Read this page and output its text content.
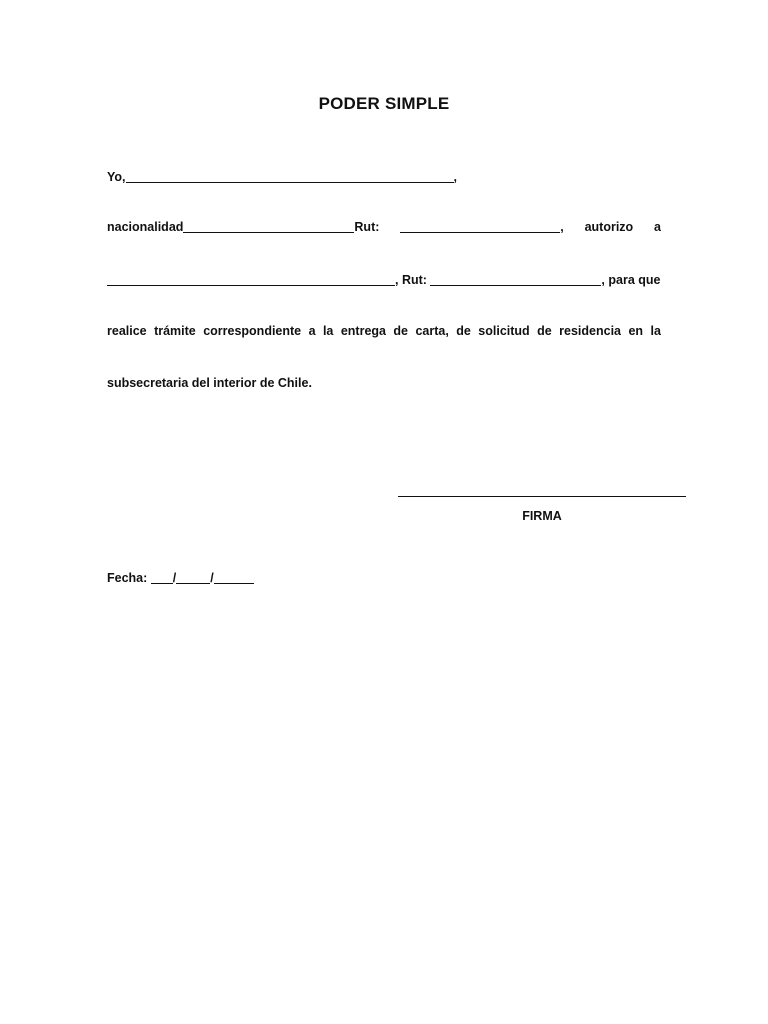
PODER SIMPLE
Yo,	,
nacionalidad	Rut:	, autorizo a
, Rut:	, para que
realice trámite correspondiente a la entrega de carta, de solicitud de residencia en la
subsecretaria del interior de Chile.
FIRMA
Fecha: /	/
